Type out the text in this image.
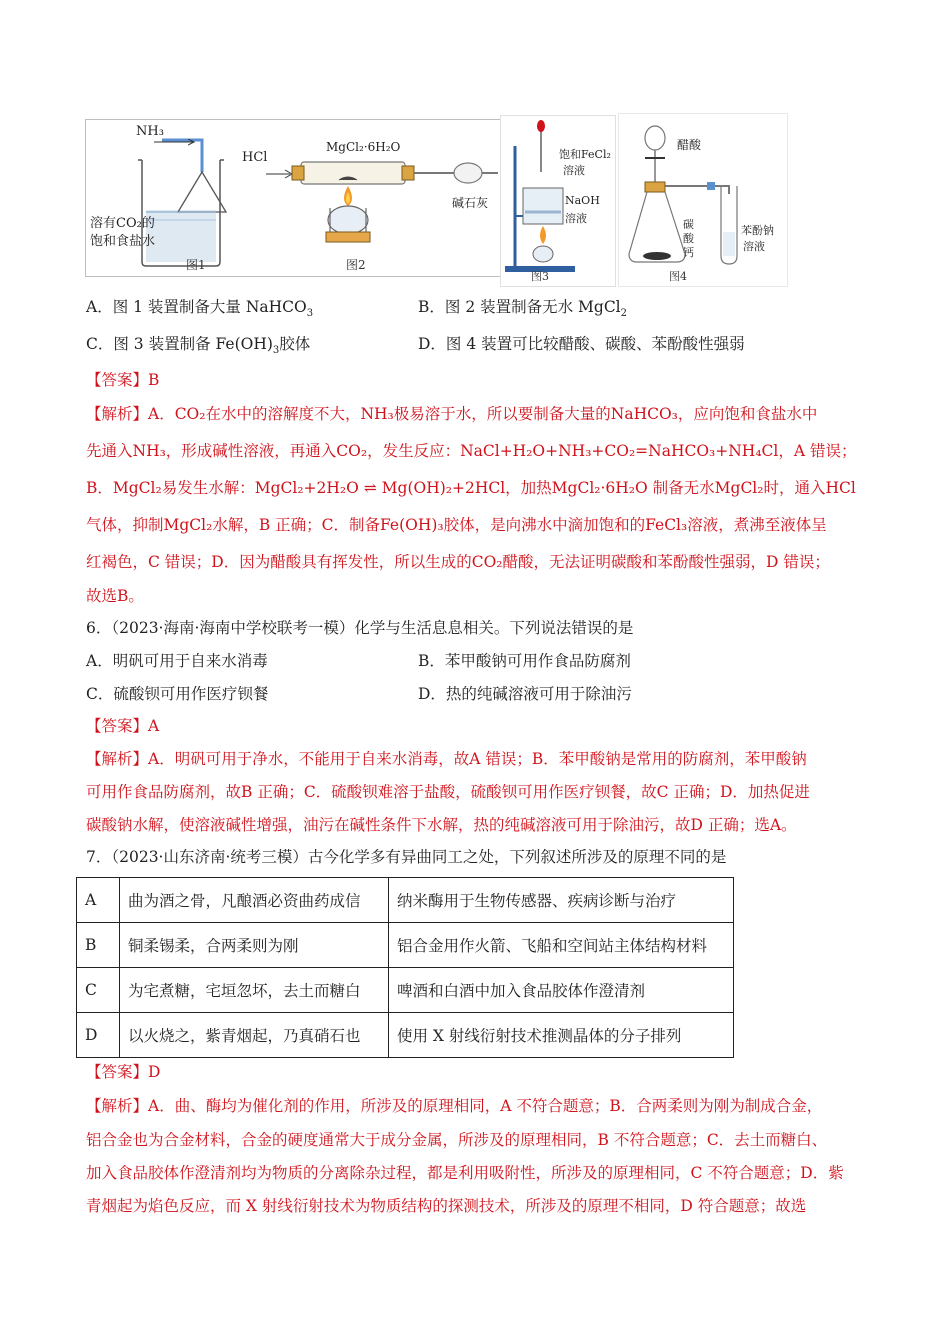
NH₃
溶有CO₂的
饱和食盐水
HCl
MgCl₂·6H₂O
碱石灰
图1	图2
饱和FeCl₂
溶液
NaOH
溶液
图3
醋酸
碳
酸
钙
苯酚钠
溶液
图4
A．图 1 装置制备大量 NaHCO$_3$	B．图 2 装置制备无水 MgCl$_2$
C．图 3 装置制备 $Fe(OH)_3$胶体	D．图 4 装置可比较醋酸、碳酸、苯酚酸性强弱
【答案】B
【解析】A．CO₂在水中的溶解度不大，NH₃极易溶于水，所以要制备大量的NaHCO₃，应向饱和食盐水中
先通入NH₃，形成碱性溶液，再通入CO₂，发生反应：NaCl+H₂O+NH₃+CO₂=NaHCO₃+NH₄Cl，A 错误；
B．MgCl₂易发生水解：MgCl₂+2H₂O ⇌ Mg(OH)₂+2HCl，加热MgCl₂·6H₂O 制备无水MgCl₂时，通入HCl
气体，抑制MgCl₂水解，B 正确；C．制备Fe(OH)₃胶体，是向沸水中滴加饱和的FeCl₃溶液，煮沸至液体呈
红褐色，C 错误；D．因为醋酸具有挥发性，所以生成的CO₂醋酸，无法证明碳酸和苯酚酸性强弱，D 错误；
故选B。
6．（2023·海南·海南中学校联考一模）化学与生活息息相关。下列说法错误的是
A．明矾可用于自来水消毒	B．苯甲酸钠可用作食品防腐剂
C．硫酸钡可用作医疗钡餐	D．热的纯碱溶液可用于除油污
【答案】A
【解析】A．明矾可用于净水，不能用于自来水消毒，故A 错误；B．苯甲酸钠是常用的防腐剂，苯甲酸钠
可用作食品防腐剂，故B 正确；C．硫酸钡难溶于盐酸，硫酸钡可用作医疗钡餐，故C 正确；D．加热促进
碳酸钠水解，使溶液碱性增强，油污在碱性条件下水解，热的纯碱溶液可用于除油污，故D 正确；选A。
7．（2023·山东济南·统考三模）古今化学多有异曲同工之处，下列叙述所涉及的原理不同的是
A	曲为酒之骨，凡酿酒必资曲药成信	纳米酶用于生物传感器、疾病诊断与治疗
B	铜柔锡柔，合两柔则为刚	铝合金用作火箭、飞船和空间站主体结构材料
C	为宅煮糖，宅垣忽坏，去土而糖白	啤酒和白酒中加入食品胶体作澄清剂
D	以火烧之，紫青烟起，乃真硝石也	使用 X 射线衍射技术推测晶体的分子排列
【答案】D
【解析】A．曲、酶均为催化剂的作用，所涉及的原理相同，A 不符合题意；B．合两柔则为刚为制成合金，
铝合金也为合金材料，合金的硬度通常大于成分金属，所涉及的原理相同，B 不符合题意；C．去土而糖白、
加入食品胶体作澄清剂均为物质的分离除杂过程，都是利用吸附性，所涉及的原理相同，C 不符合题意；D．紫
青烟起为焰色反应，而 X 射线衍射技术为物质结构的探测技术，所涉及的原理不相同，D 符合题意；故选
